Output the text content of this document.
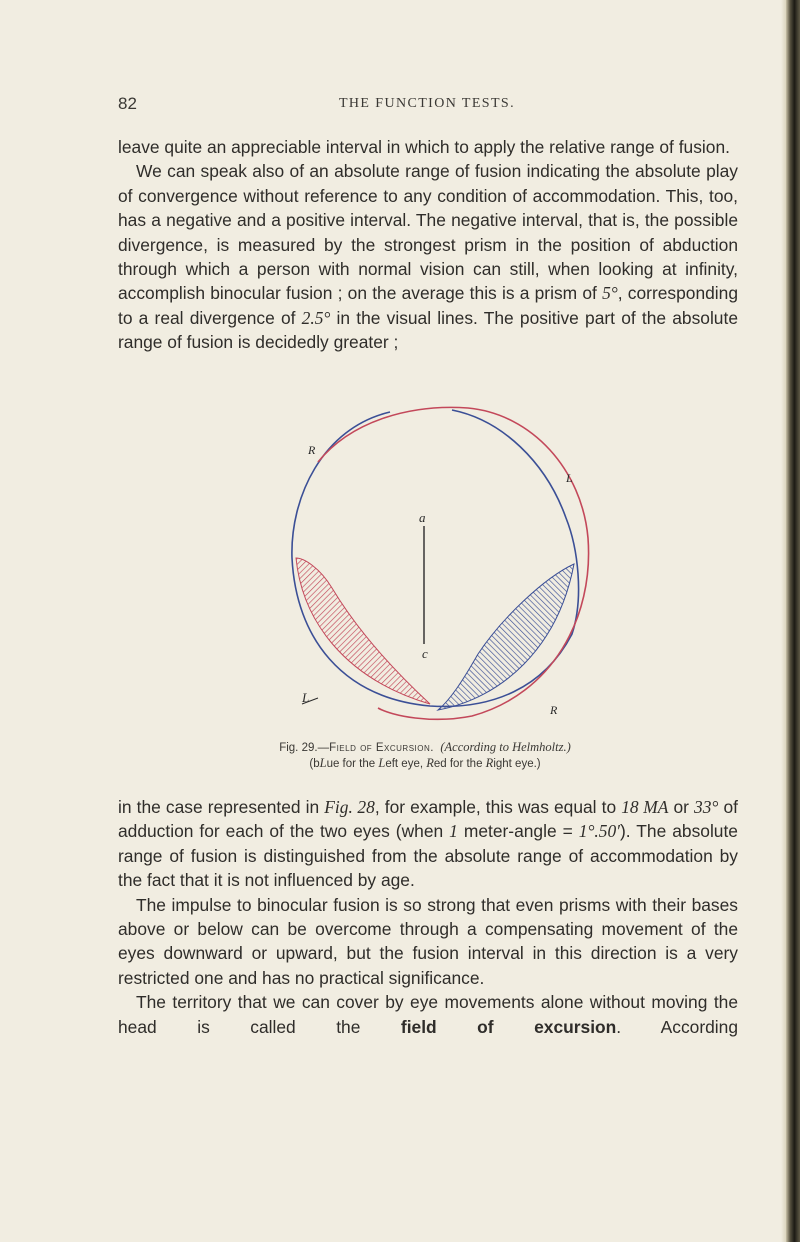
82	THE FUNCTION TESTS.

leave quite an appreciable interval in which to apply the relative range of fusion.

We can speak also of an absolute range of fusion indicating the absolute play of convergence without reference to any condition of accommodation. This, too, has a negative and a positive interval. The negative interval, that is, the possible divergence, is measured by the strongest prism in the position of abduction through which a person with normal vision can still, when looking at infinity, accomplish binocular fusion ; on the average this is a prism of 5°, corresponding to a real divergence of 2.5° in the visual lines. The positive part of the absolute range of fusion is decidedly greater ;

R
L
a
c
L
R
Fig. 29.—Field of Excursion. (According to Helmholtz.)
(bLue for the Left eye, Red for the Right eye.)

in the case represented in Fig. 28, for example, this was equal to 18 MA or 33° of adduction for each of the two eyes (when 1 meter-angle = 1°.50′). The absolute range of fusion is distinguished from the absolute range of accommodation by the fact that it is not influenced by age.

The impulse to binocular fusion is so strong that even prisms with their bases above or below can be overcome through a compensating movement of the eyes downward or upward, but the fusion interval in this direction is a very restricted one and has no practical significance.

The territory that we can cover by eye movements alone without moving the head is called the field of excursion. According
